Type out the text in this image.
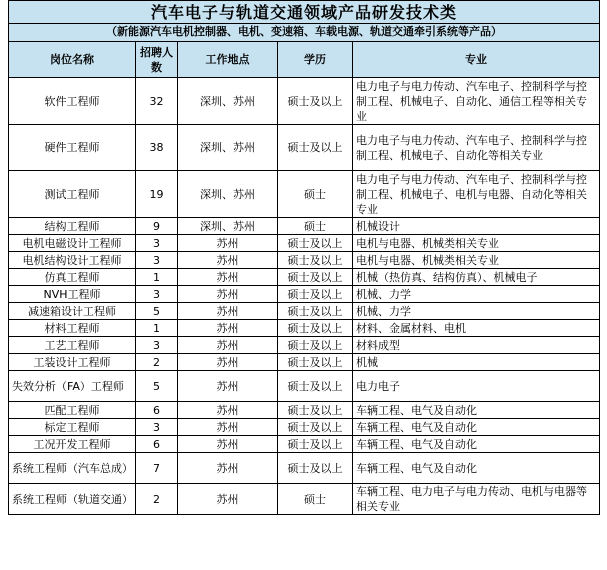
汽车电子与轨道交通领域产品研发技术类				
（新能源汽车电机控制器、电机、变速箱、车载电源、轨道交通牵引系统等产品）				
岗位名称	招聘人数	工作地点	学历	专业
软件工程师	32	深圳、苏州	硕士及以上	电力电子与电力传动、汽车电子、控制科学与控制工程、机械电子、自动化、通信工程等相关专业
硬件工程师	38	深圳、苏州	硕士及以上	电力电子与电力传动、汽车电子、控制科学与控制工程、机械电子、自动化等相关专业
测试工程师	19	深圳、苏州	硕士	电力电子与电力传动、汽车电子、控制科学与控制工程、机械电子、电机与电器、自动化等相关专业
结构工程师	9	深圳、苏州	硕士	机械设计
电机电磁设计工程师	3	苏州	硕士及以上	电机与电器、机械类相关专业
电机结构设计工程师	3	苏州	硕士及以上	电机与电器、机械类相关专业
仿真工程师	1	苏州	硕士及以上	机械（热仿真、结构仿真）、机械电子
NVH工程师	3	苏州	硕士及以上	机械、力学
减速箱设计工程师	5	苏州	硕士及以上	机械、力学
材料工程师	1	苏州	硕士及以上	材料、金属材料、电机
工艺工程师	3	苏州	硕士及以上	材料成型
工装设计工程师	2	苏州	硕士及以上	机械
失效分析（FA）工程师	5	苏州	硕士及以上	电力电子
匹配工程师	6	苏州	硕士及以上	车辆工程、电气及自动化
标定工程师	3	苏州	硕士及以上	车辆工程、电气及自动化
工况开发工程师	6	苏州	硕士及以上	车辆工程、电气及自动化
系统工程师（汽车总成）	7	苏州	硕士及以上	车辆工程、电气及自动化
系统工程师（轨道交通）	2	苏州	硕士	车辆工程、电力电子与电力传动、电机与电器等相关专业
